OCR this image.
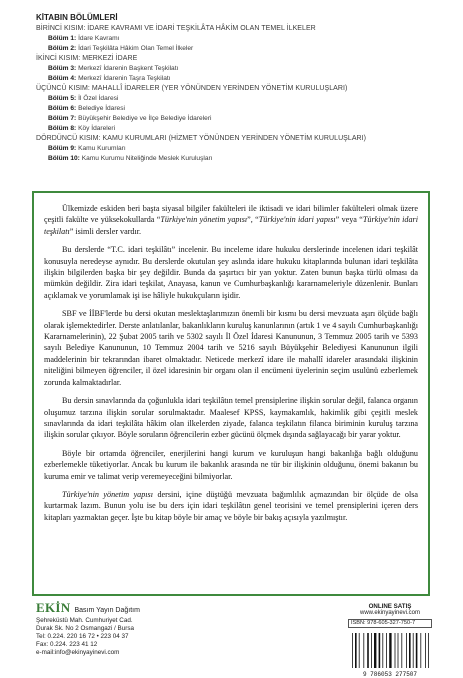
KİTABIN BÖLÜMLERİ
BİRİNCİ KISIM: İDARE KAVRAMI VE İDARİ TEŞKİLÂTA HÂKİM OLAN TEMEL İLKELER
Bölüm 1: İdare Kavramı
Bölüm 2: İdari Teşkilâta Hâkim Olan Temel İlkeler
İKİNCİ KISIM: MERKEZİ İDARE
Bölüm 3: Merkezî İdarenin Başkent Teşkilatı
Bölüm 4: Merkezî İdarenin Taşra Teşkilatı
ÜÇÜNCÜ KISIM: MAHALLÎ İDARELER (YER YÖNÜNDEN YERİNDEN YÖNETİM KURULUŞLARI)
Bölüm 5: İl Özel İdaresi
Bölüm 6: Belediye İdaresi
Bölüm 7: Büyükşehir Belediye ve İlçe Belediye İdareleri
Bölüm 8: Köy İdareleri
DÖRDÜNCÜ KISIM: KAMU KURUMLARI (HİZMET YÖNÜNDEN YERİNDEN YÖNETİM KURULUŞLARI)
Bölüm 9: Kamu Kurumları
Bölüm 10: Kamu Kurumu Niteliğinde Meslek Kuruluşları

Ülkemizde eskiden beri başta siyasal bilgiler fakülteleri ile iktisadi ve idari bilimler fakülteleri olmak üzere çeşitli fakülte ve yüksekokullarda “Türkiye'nin yönetim yapısı”, “Türkiye'nin idari yapısı” veya “Türkiye'nin idari teşkilatı” isimli dersler vardır.

Bu derslerde “T.C. idari teşkilâtı” incelenir. Bu inceleme idare hukuku derslerinde incelenen idari teşkilât konusuyla neredeyse aynıdır. Bu derslerde okutulan şey aslında idare hukuku kitaplarında bulunan idari teşkilâta ilişkin bilgilerden başka bir şey değildir. Bunda da şaşırtıcı bir yan yoktur. Zaten bunun başka türlü olması da mümkün değildir. Zira idari teşkilat, Anayasa, kanun ve Cumhurbaşkanlığı kararnameleriyle düzenlenir. Bunları açıklamak ve yorumlamak işi ise hâliyle hukukçuların işidir.

SBF ve İİBF'lerde bu dersi okutan meslektaşlarımızın önemli bir kısmı bu dersi mevzuata aşırı ölçüde bağlı olarak işlemektedirler. Derste anlatılanlar, bakanlıkların kuruluş kanunlarının (artık 1 ve 4 sayılı Cumhurbaşkanlığı Kararnamelerinin), 22 Şubat 2005 tarih ve 5302 sayılı İl Özel İdaresi Kanununun, 3 Temmuz 2005 tarih ve 5393 sayılı Belediye Kanununun, 10 Temmuz 2004 tarih ve 5216 sayılı Büyükşehir Belediyesi Kanununun ilgili maddelerinin bir tekrarından ibaret olmaktadır. Neticede merkezî idare ile mahallî idareler arasındaki ilişkinin niteliğini bilmeyen öğrenciler, il özel idaresinin bir organı olan il encümeni üyelerinin seçim usulünü ezberlemek zorunda kalmaktadırlar.

Bu dersin sınavlarında da çoğunlukla idari teşkilâtın temel prensiplerine ilişkin sorular değil, falanca organın oluşumuz tarzına ilişkin sorular sorulmaktadır. Maalesef KPSS, kaymakamlık, hakimlik gibi çeşitli meslek sınavlarında da idari teşkilâta hâkim olan ilkelerden ziyade, falanca teşkilatın filanca biriminin kuruluş tarzına ilişkin sorular çıkıyor. Böyle soruların öğrencilerin ezber gücünü ölçmek dışında sağlayacağı bir yarar yoktur.

Böyle bir ortamda öğrenciler, enerjilerini hangi kurum ve kuruluşun hangi bakanlığa bağlı olduğunu ezberlemekle tüketiyorlar. Ancak bu kurum ile bakanlık arasında ne tür bir ilişkinin olduğunu, önemi bakanın bu kuruma emir ve talimat verip veremeyeceğini bilmiyorlar.

Türkiye'nin yönetim yapısı dersini, içine düştüğü mevzuata bağımlılık açmazından bir ölçüde de olsa kurtarmak lazım. Bunun yolu ise bu ders için idari teşkilâtın genel teorisini ve temel prensiplerini içeren ders kitapları yazmaktan geçer. İşte bu kitap böyle bir amaç ve böyle bir bakış açısıyla yazılmıştır.

EKİN Basım Yayın Dağıtım
Şehreküstü Mah. Cumhuriyet Cad.
Durak Sk. No 2 Osmangazi / Bursa
Tel: 0.224. 220 16 72 • 223 04 37
Fax: 0.224. 223 41 12
e-mail:info@ekinyayinevi.com
ONLINE SATIŞ
www.ekinyayinevi.com
ISBN: 978-605-327-750-7
9 786053 277507
